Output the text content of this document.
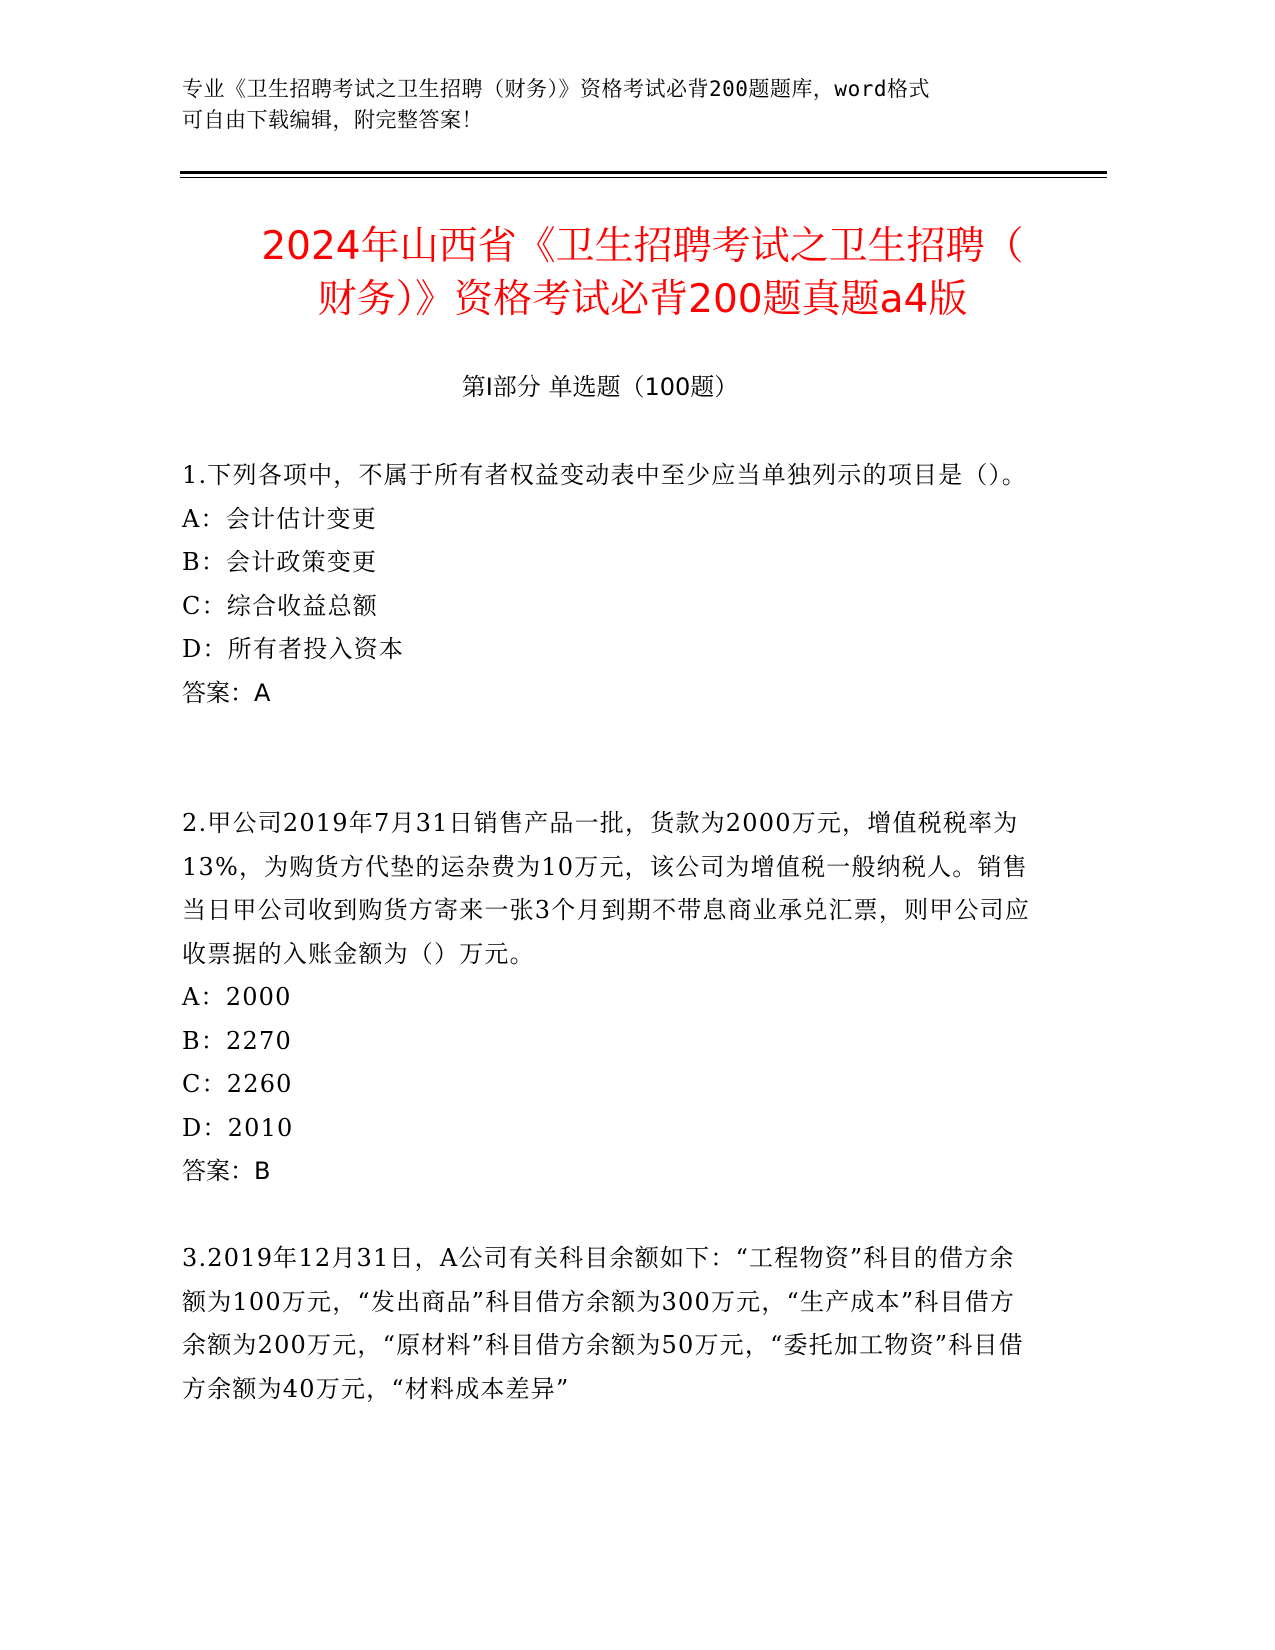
专业《卫生招聘考试之卫生招聘（财务）》资格考试必背200题题库，word格式
可自由下载编辑，附完整答案！
2024年山西省《卫生招聘考试之卫生招聘（
财务）》资格考试必背200题真题a4版
第I部分 单选题（100题）

1.下列各项中，不属于所有者权益变动表中至少应当单独列示的项目是（）。

A：会计估计变更

B：会计政策变更

C：综合收益总额

D：所有者投入资本

答案：A

2.甲公司2019年7月31日销售产品一批，货款为2000万元，增值税税率为13%，为购货方代垫的运杂费为10万元，该公司为增值税一般纳税人。销售当日甲公司收到购货方寄来一张3个月到期不带息商业承兑汇票，则甲公司应收票据的入账金额为（）万元。

A：2000

B：2270

C：2260

D：2010

答案：B

3.2019年12月31日，A公司有关科目余额如下：“工程物资”科目的借方余额为100万元，“发出商品”科目借方余额为300万元，“生产成本”科目借方余额为200万元，“原材料”科目借方余额为50万元，“委托加工物资”科目借方余额为40万元，“材料成本差异”
